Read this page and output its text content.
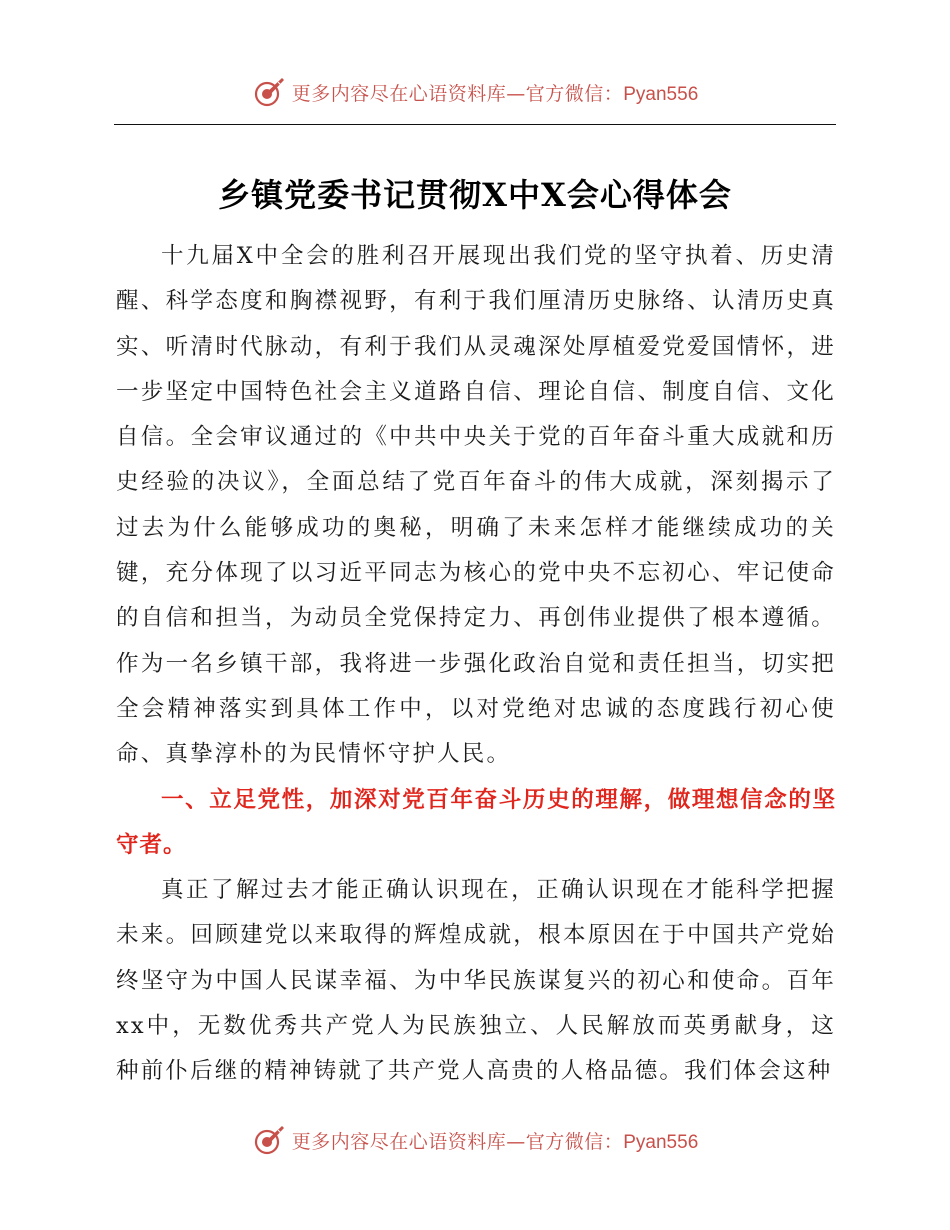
更多内容尽在心语资料库—官方微信：Pyan556
乡镇党委书记贯彻X中X会心得体会

十九届X中全会的胜利召开展现出我们党的坚守执着、历史清醒、科学态度和胸襟视野，有利于我们厘清历史脉络、认清历史真实、听清时代脉动，有利于我们从灵魂深处厚植爱党爱国情怀，进一步坚定中国特色社会主义道路自信、理论自信、制度自信、文化自信。全会审议通过的《中共中央关于党的百年奋斗重大成就和历史经验的决议》，全面总结了党百年奋斗的伟大成就，深刻揭示了过去为什么能够成功的奥秘，明确了未来怎样才能继续成功的关键，充分体现了以习近平同志为核心的党中央不忘初心、牢记使命的自信和担当，为动员全党保持定力、再创伟业提供了根本遵循。作为一名乡镇干部，我将进一步强化政治自觉和责任担当，切实把全会精神落实到具体工作中，以对党绝对忠诚的态度践行初心使命、真挚淳朴的为民情怀守护人民。

一、立足党性，加深对党百年奋斗历史的理解，做理想信念的坚守者。

真正了解过去才能正确认识现在，正确认识现在才能科学把握未来。回顾建党以来取得的辉煌成就，根本原因在于中国共产党始终坚守为中国人民谋幸福、为中华民族谋复兴的初心和使命。百年xx中，无数优秀共产党人为民族独立、人民解放而英勇献身，这种前仆后继的精神铸就了共产党人高贵的人格品德。我们体会这种

更多内容尽在心语资料库—官方微信：Pyan556
